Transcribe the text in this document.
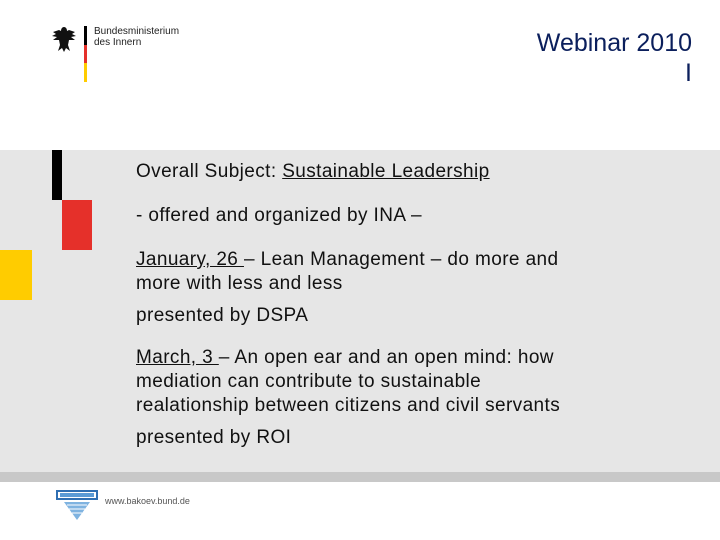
Bundesministerium
des Innern	Webinar 2010
I
Overall Subject: Sustainable Leadership
- offered and organized by INA –
January, 26 – Lean Management – do more and
more with less and less
presented by DSPA
March, 3 – An open ear and an open mind: how
mediation can contribute to sustainable
realationship between citizens and civil servants
presented by ROI
www.bakoev.bund.de
